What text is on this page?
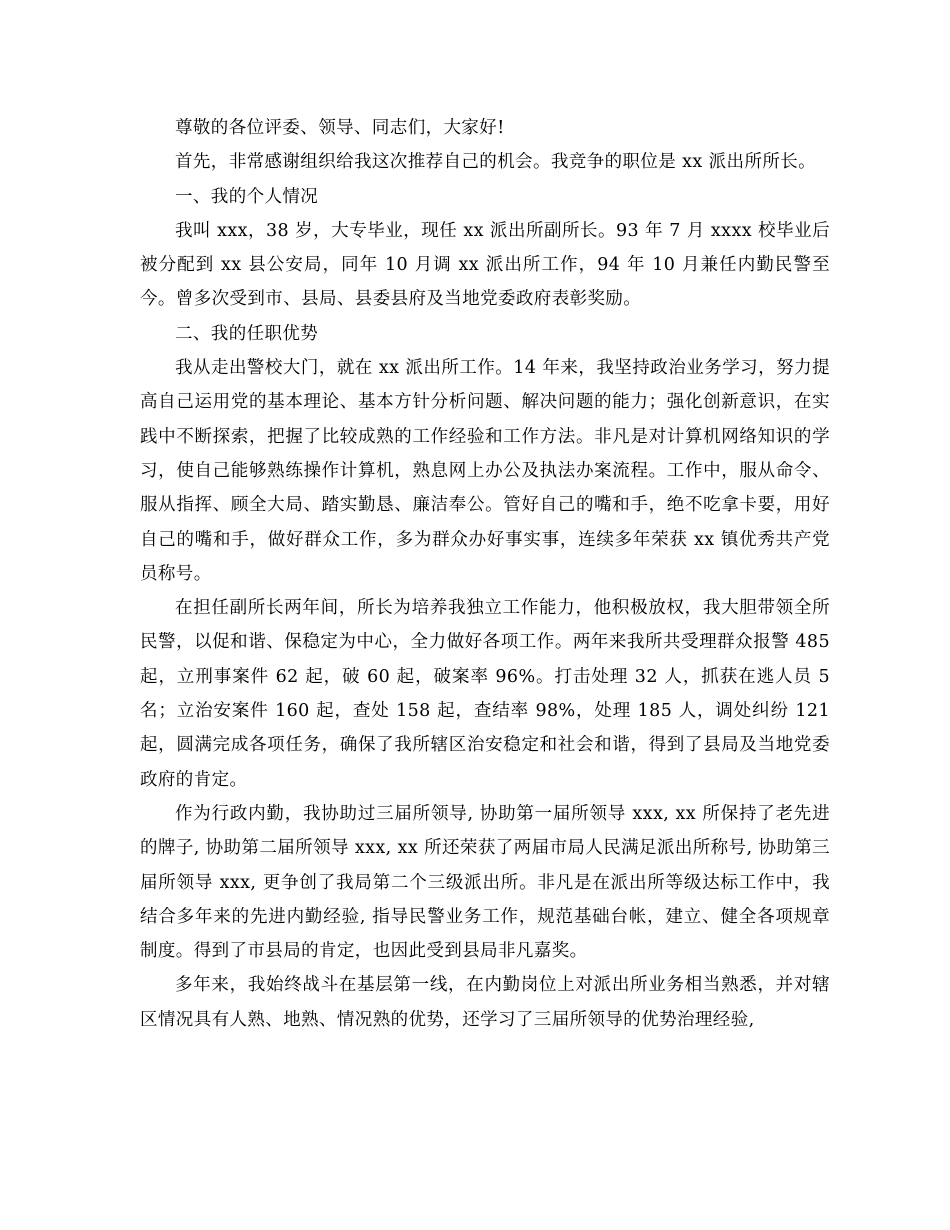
尊敬的各位评委、领导、同志们，大家好!

首先，非常感谢组织给我这次推荐自己的机会。我竞争的职位是 xx 派出所所长。

一、我的个人情况

我叫 xxx，38 岁，大专毕业，现任 xx 派出所副所长。93 年 7 月 xxxx 校毕业后被分配到 xx 县公安局，同年 10 月调 xx 派出所工作，94 年 10 月兼任内勤民警至今。曾多次受到市、县局、县委县府及当地党委政府表彰奖励。

二、我的任职优势

我从走出警校大门，就在 xx 派出所工作。14 年来，我坚持政治业务学习，努力提高自己运用党的基本理论、基本方针分析问题、解决问题的能力；强化创新意识，在实践中不断探索，把握了比较成熟的工作经验和工作方法。非凡是对计算机网络知识的学习，使自己能够熟练操作计算机，熟息网上办公及执法办案流程。工作中，服从命令、服从指挥、顾全大局、踏实勤恳、廉洁奉公。管好自己的嘴和手，绝不吃拿卡要，用好自己的嘴和手，做好群众工作，多为群众办好事实事，连续多年荣获 xx 镇优秀共产党员称号。

在担任副所长两年间，所长为培养我独立工作能力，他积极放权，我大胆带领全所民警，以促和谐、保稳定为中心，全力做好各项工作。两年来我所共受理群众报警 485 起，立刑事案件 62 起，破 60 起，破案率 96%。打击处理 32 人，抓获在逃人员 5 名；立治安案件 160 起，查处 158 起，查结率 98%，处理 185 人，调处纠纷 121 起，圆满完成各项任务，确保了我所辖区治安稳定和社会和谐，得到了县局及当地党委政府的肯定。

作为行政内勤，我协助过三届所领导, 协助第一届所领导 xxx, xx 所保持了老先进的牌子, 协助第二届所领导 xxx, xx 所还荣获了两届市局人民满足派出所称号, 协助第三届所领导 xxx, 更争创了我局第二个三级派出所。非凡是在派出所等级达标工作中，我结合多年来的先进内勤经验, 指导民警业务工作，规范基础台帐，建立、健全各项规章制度。得到了市县局的肯定，也因此受到县局非凡嘉奖。

多年来，我始终战斗在基层第一线，在内勤岗位上对派出所业务相当熟悉，并对辖区情况具有人熟、地熟、情况熟的优势，还学习了三届所领导的优势治理经验,
